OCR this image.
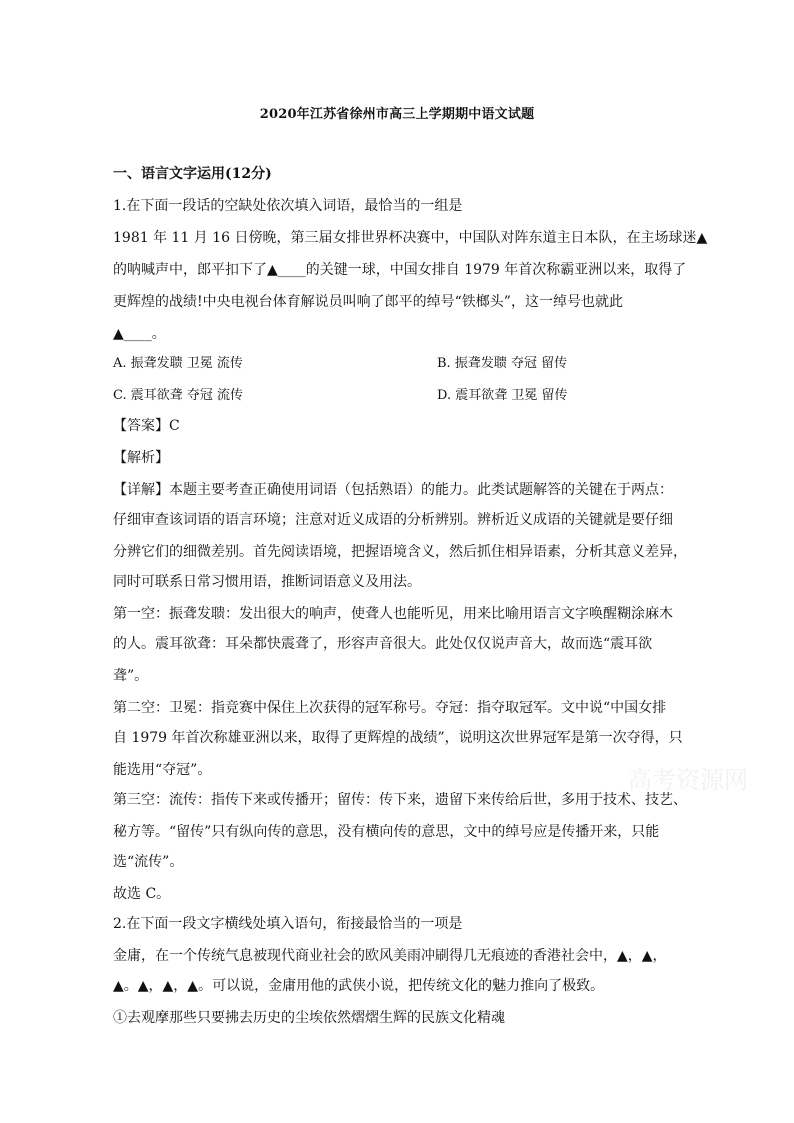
2020年江苏省徐州市高三上学期期中语文试题
一、语言文字运用(12分)
1.在下面一段话的空缺处依次填入词语，最恰当的一组是
1981 年 11 月 16 日傍晚，第三届女排世界杯决赛中，中国队对阵东道主日本队，在主场球迷▲
的呐喊声中，郎平扣下了▲____的关键一球，中国女排自 1979 年首次称霸亚洲以来，取得了
更辉煌的战绩!中央电视台体育解说员叫响了郎平的绰号“铁榔头”，这一绰号也就此
▲____。
A. 振聋发聩 卫冕 流传	B. 振聋发聩 夺冠 留传
C. 震耳欲聋 夺冠 流传	D. 震耳欲聋 卫冕 留传
【答案】C
【解析】
【详解】本题主要考查正确使用词语（包括熟语）的能力。此类试题解答的关键在于两点：
仔细审查该词语的语言环境；注意对近义成语的分析辨别。辨析近义成语的关键就是要仔细
分辨它们的细微差别。首先阅读语境，把握语境含义，然后抓住相异语素，分析其意义差异，
同时可联系日常习惯用语，推断词语意义及用法。
第一空：振聋发聩：发出很大的响声，使聋人也能听见，用来比喻用语言文字唤醒糊涂麻木
的人。震耳欲聋：耳朵都快震聋了，形容声音很大。此处仅仅说声音大，故而选“震耳欲
聋”。
第二空：卫冕：指竞赛中保住上次获得的冠军称号。夺冠：指夺取冠军。文中说“中国女排
自 1979 年首次称雄亚洲以来，取得了更辉煌的战绩”，说明这次世界冠军是第一次夺得，只
能选用“夺冠”。
第三空：流传：指传下来或传播开；留传：传下来，遗留下来传给后世，多用于技术、技艺、
秘方等。“留传”只有纵向传的意思，没有横向传的意思，文中的绰号应是传播开来，只能
选“流传”。
故选 C。
2.在下面一段文字横线处填入语句，衔接最恰当的一项是
金庸，在一个传统气息被现代商业社会的欧风美雨冲刷得几无痕迹的香港社会中，▲，▲，
▲。▲，▲，▲。可以说，金庸用他的武侠小说，把传统文化的魅力推向了极致。
①去观摩那些只要拂去历史的尘埃依然熠熠生辉的民族文化精魂
高考资源网
